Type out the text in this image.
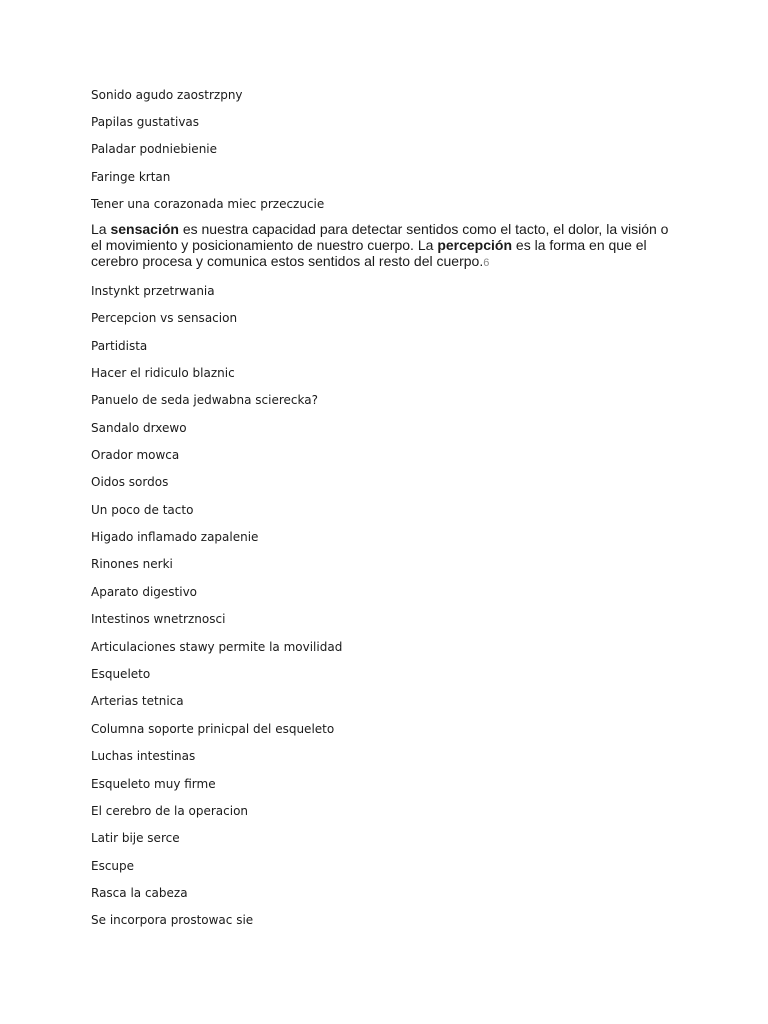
Sonido agudo zaostrzpny

Papilas gustativas

Paladar podniebienie

Faringe krtan

Tener una corazonada miec przeczucie

La sensación es nuestra capacidad para detectar sentidos como el tacto, el dolor, la visión o el movimiento y posicionamiento de nuestro cuerpo. La percepción es la forma en que el cerebro procesa y comunica estos sentidos al resto del cuerpo.6

Instynkt przetrwania

Percepcion vs sensacion

Partidista

Hacer el ridiculo blaznic

Panuelo de seda jedwabna scierecka?

Sandalo drxewo

Orador mowca

Oidos sordos

Un poco de tacto

Higado inflamado zapalenie

Rinones nerki

Aparato digestivo

Intestinos wnetrznosci

Articulaciones stawy permite la movilidad

Esqueleto

Arterias tetnica

Columna soporte prinicpal del esqueleto

Luchas intestinas

Esqueleto muy firme

El cerebro de la operacion

Latir bije serce

Escupe

Rasca la cabeza

Se incorpora prostowac sie
